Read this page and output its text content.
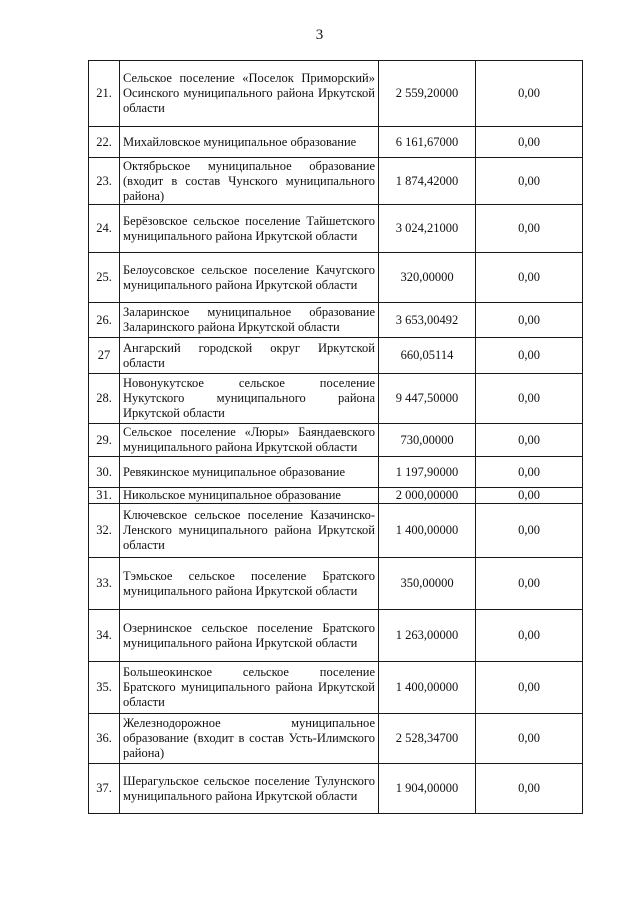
3
21.	Сельское поселение «Поселок Приморский» Осинского муниципального района Иркутской области	2 559,20000	0,00
22.	Михайловское муниципальное образование	6 161,67000	0,00
23.	Октябрьское муниципальное образование (входит в состав Чунского муниципального района)	1 874,42000	0,00
24.	Берёзовское сельское поселение Тайшетского муниципального района Иркутской области	3 024,21000	0,00
25.	Белоусовское сельское поселение Качугского муниципального района Иркутской области	320,00000	0,00
26.	Заларинское муниципальное образование Заларинского района Иркутской области	3 653,00492	0,00
27	Ангарский городской округ Иркутской области	660,05114	0,00
28.	Новонукутское сельское поселение Нукутского муниципального района Иркутской области	9 447,50000	0,00
29.	Сельское поселение «Люры» Баяндаевского муниципального района Иркутской области	730,00000	0,00
30.	Ревякинское муниципальное образование	1 197,90000	0,00
31.	Никольское муниципальное образование	2 000,00000	0,00
32.	Ключевское сельское поселение Казачинско-Ленского муниципального района Иркутской области	1 400,00000	0,00
33.	Тэмьское сельское поселение Братского муниципального района Иркутской области	350,00000	0,00
34.	Озернинское сельское поселение Братского муниципального района Иркутской области	1 263,00000	0,00
35.	Большеокинское сельское поселение Братского муниципального района Иркутской области	1 400,00000	0,00
36.	Железнодорожное муниципальное образование (входит в состав Усть-Илимского района)	2 528,34700	0,00
37.	Шерагульское сельское поселение Тулунского муниципального района Иркутской области	1 904,00000	0,00
